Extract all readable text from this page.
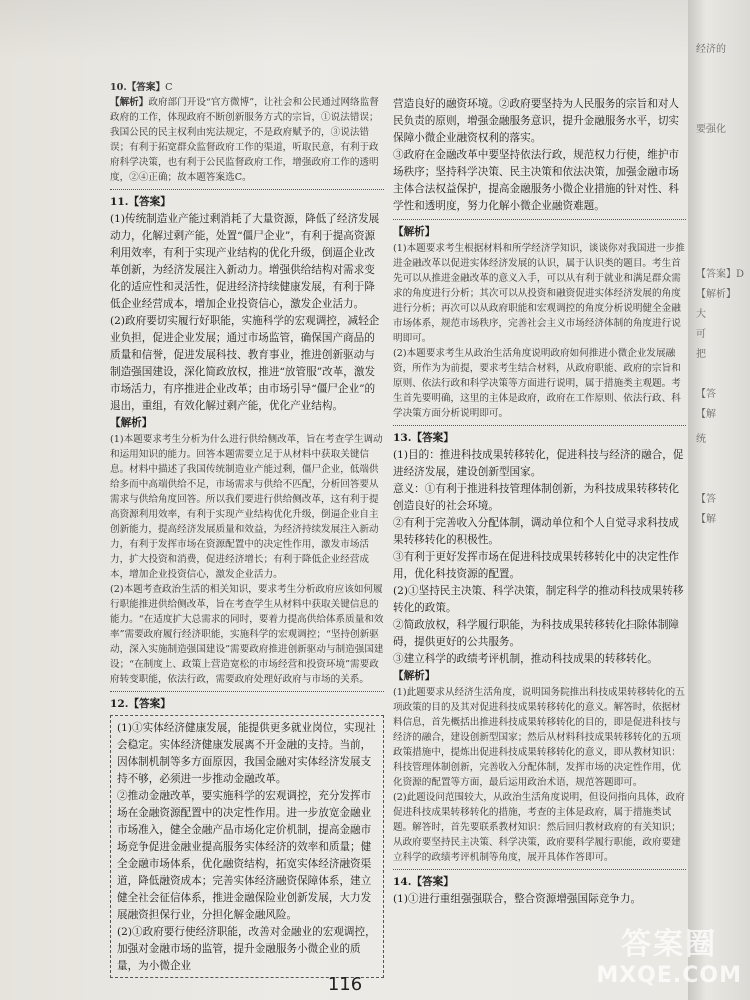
10.【答案】C

【解析】政府部门开设“官方微博”，让社会和公民通过网络监督政府的工作，体现政府不断创新服务方式的宗旨，①说法错误；我国公民的民主权利由宪法规定，不是政府赋予的，③说法错误；有利于拓宽群众监督政府工作的渠道，听取民意，有利于政府科学决策，也有利于公民监督政府工作，增强政府工作的透明度，②④正确；故本题答案选C。

11.【答案】

(1)传统制造业产能过剩消耗了大量资源，降低了经济发展动力，化解过剩产能，处置“僵尸企业”，有利于提高资源利用效率，有利于实现产业结构的优化升级，倒逼企业改革创新，为经济发展注入新动力。增强供给结构对需求变化的适应性和灵活性，促进经济持续健康发展，有利于降低企业经营成本，增加企业投资信心，激发企业活力。

(2)政府要切实履行好职能，实施科学的宏观调控，减轻企业负担，促进企业发展；通过市场监管，确保国产商品的质量和信誉，促进发展科技、教育事业，推进创新驱动与制造强国建设，深化简政放权，推进“放管服”改革，激发市场活力，有序推进企业改革；由市场引导“僵尸企业”的退出，重组，有效化解过剩产能，优化产业结构。

【解析】

(1)本题要求考生分析为什么进行供给侧改革，旨在考查学生调动和运用知识的能力。回答本题需要立足于从材料中获取关键信息。材料中描述了我国传统制造业产能过剩，僵尸企业，低端供给多而中高端供给不足，市场需求与供给不匹配，分析回答要从需求与供给角度回答。所以我们要进行供给侧改革，这有利于提高资源利用效率，有利于实现产业结构优化升级，倒逼企业自主创新能力，提高经济发展质量和效益，为经济持续发展注入新动力，有利于发挥市场在资源配置中的决定性作用，激发市场活力，扩大投资和消费，促进经济增长；有利于降低企业经营成本，增加企业投资信心，激发企业活力。

(2)本题考查政治生活的相关知识，要求考生分析政府应该如何履行职能推进供给侧改革，旨在考查学生从材料中获取关键信息的能力。“在适度扩大总需求的同时，要着力提高供给体系质量和效率”需要政府履行经济职能，实施科学的宏观调控；“坚持创新驱动，深入实施制造强国建设”需要政府推进创新驱动与制造强国建设；“在制度上、政策上营造宽松的市场经营和投资环境”需要政府转变职能，依法行政，需要政府处理好政府与市场的关系。

12.【答案】

(1)①实体经济健康发展，能提供更多就业岗位，实现社会稳定。实体经济健康发展离不开金融的支持。当前，因体制机制等多方面原因，我国金融对实体经济发展支持不够，必须进一步推动金融改革。

②推动金融改革，要实施科学的宏观调控，充分发挥市场在金融资源配置中的决定性作用。进一步放宽金融业市场准入，健全金融产品市场化定价机制，提高金融市场竞争促进金融业提高服务实体经济的效率和质量；健全金融市场体系，优化融资结构，拓宽实体经济融资渠道，降低融资成本；完善实体经济融资保障体系，建立健全社会征信体系，推进金融保险业创新发展，大力发展融资担保行业，分担化解金融风险。

(2)①政府要行使经济职能，改善对金融业的宏观调控，加强对金融市场的监管，提升金融服务小微企业的质量，为小微企业

营造良好的融资环境。②政府要坚持为人民服务的宗旨和对人民负责的原则，增强金融服务意识，提升金融服务水平，切实保障小微企业融资权利的落实。

③政府在金融改革中要坚持依法行政，规范权力行使，维护市场秩序；坚持科学决策、民主决策和依法决策，加强金融市场主体合法权益保护，提高金融服务小微企业措施的针对性、科学性和透明度，努力化解小微企业融资难题。

【解析】

(1)本题要求考生根据材料和所学经济学知识，谈谈你对我国进一步推进金融改革以促进实体经济发展的认识，属于认识类的题目。考生首先可以从推进金融改革的意义入手，可以从有利于就业和满足群众需求的角度进行分析；其次可以从投资和融资促进实体经济发展的角度进行分析；再次可以从政府职能和宏观调控的角度分析说明健全金融市场体系，规范市场秩序，完善社会主义市场经济体制的角度进行说明即可。

(2)本题要求考生从政治生活角度说明政府如何推进小微企业发展融资，所作为为前提，要求考生结合材料，从政府职能、政府的宗旨和原则、依法行政和科学决策等方面进行说明，属于措施类主观题。考生首先要明确，这里的主体是政府，政府在工作原则、依法行政、科学决策方面分析说明即可。

13.【答案】

(1)目的：推进科技成果转移转化，促进科技与经济的融合，促进经济发展，建设创新型国家。

意义：①有利于推进科技管理体制创新，为科技成果转移转化创造良好的社会环境。

②有利于完善收入分配体制，调动单位和个人自觉寻求科技成果转移转化的积极性。

③有利于更好发挥市场在促进科技成果转移转化中的决定性作用，优化科技资源的配置。

(2)①坚持民主决策、科学决策，制定科学的推动科技成果转移转化的政策。

②简政放权，科学履行职能，为科技成果转移转化扫除体制障碍，提供更好的公共服务。

③建立科学的政绩考评机制，推动科技成果的转移转化。

【解析】

(1)此题要求从经济生活角度，说明国务院推出科技成果转移转化的五项政策的目的及其对促进科技成果转移转化的意义。解答时，依据材料信息，首先概括出推进科技成果转移转化的目的，即是促进科技与经济的融合，建设创新型国家；然后从材料科技成果转移转化的五项政策措施中，提炼出促进科技成果转移转化的意义，即从教材知识：科技管理体制创新，完善收入分配体制，发挥市场的决定性作用，优化资源的配置等方面，最后运用政治术语，规范答题即可。

(2)此题设问范围较大，从政治生活角度说明，但设问指向具体，政府促进科技成果转移转化的措施，考查的主体是政府，属于措施类试题。解答时，首先要联系教材知识：然后回归教材政府的有关知识；从政府要坚持民主决策、科学决策，政府要科学履行职能，政府要建立科学的政绩考评机制等角度，展开具体作答即可。

14.【答案】

(1)①进行重组强强联合，整合资源增强国际竞争力。

116
经济的
要强化
【答案】D
【解析】
大
可
把
【答
【解
统
【答
【解
答案圈
MXQE.COM
